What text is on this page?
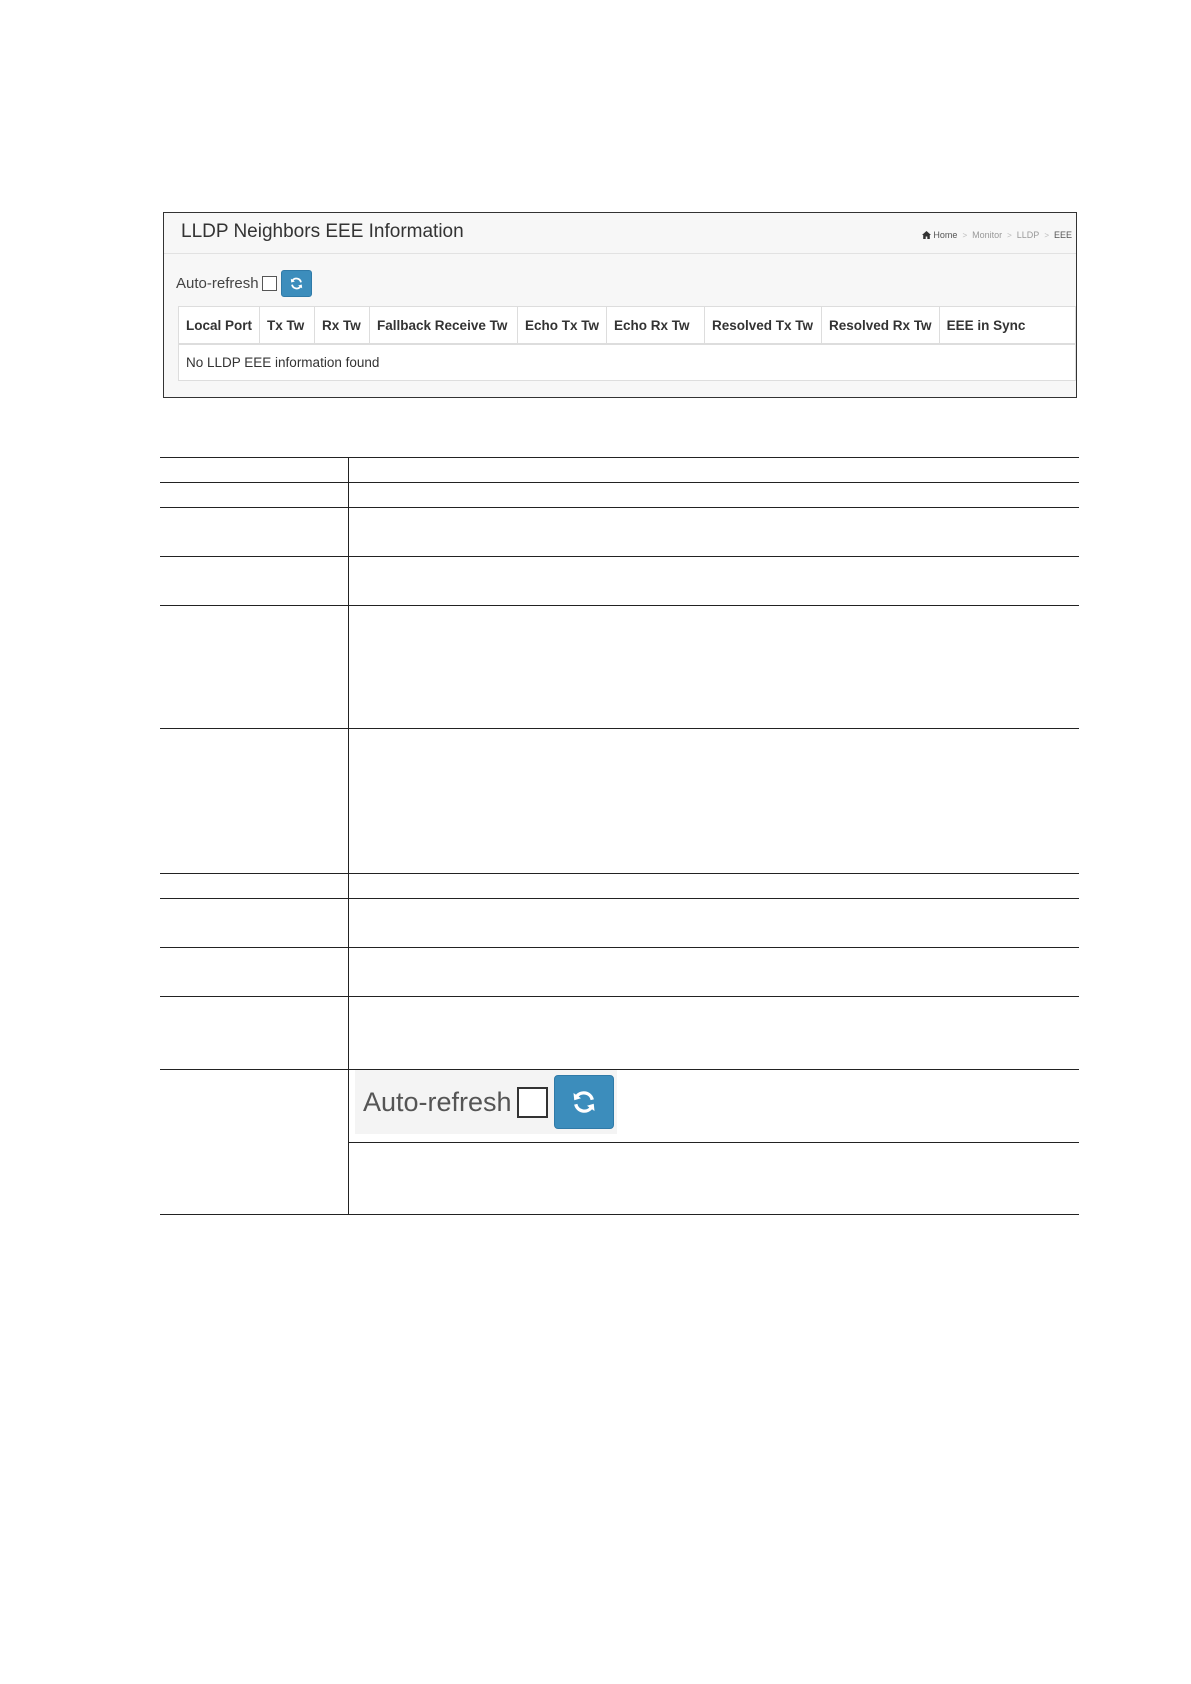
LLDP Neighbors EEE Information	Home > Monitor > LLDP > EEE
Auto-refresh
Local Port	Tx Tw	Rx Tw	Fallback Receive Tw	Echo Tx Tw	Echo Rx Tw	Resolved Tx Tw	Resolved Rx Tw	EEE in Sync
No LLDP EEE information found
Auto-refresh
